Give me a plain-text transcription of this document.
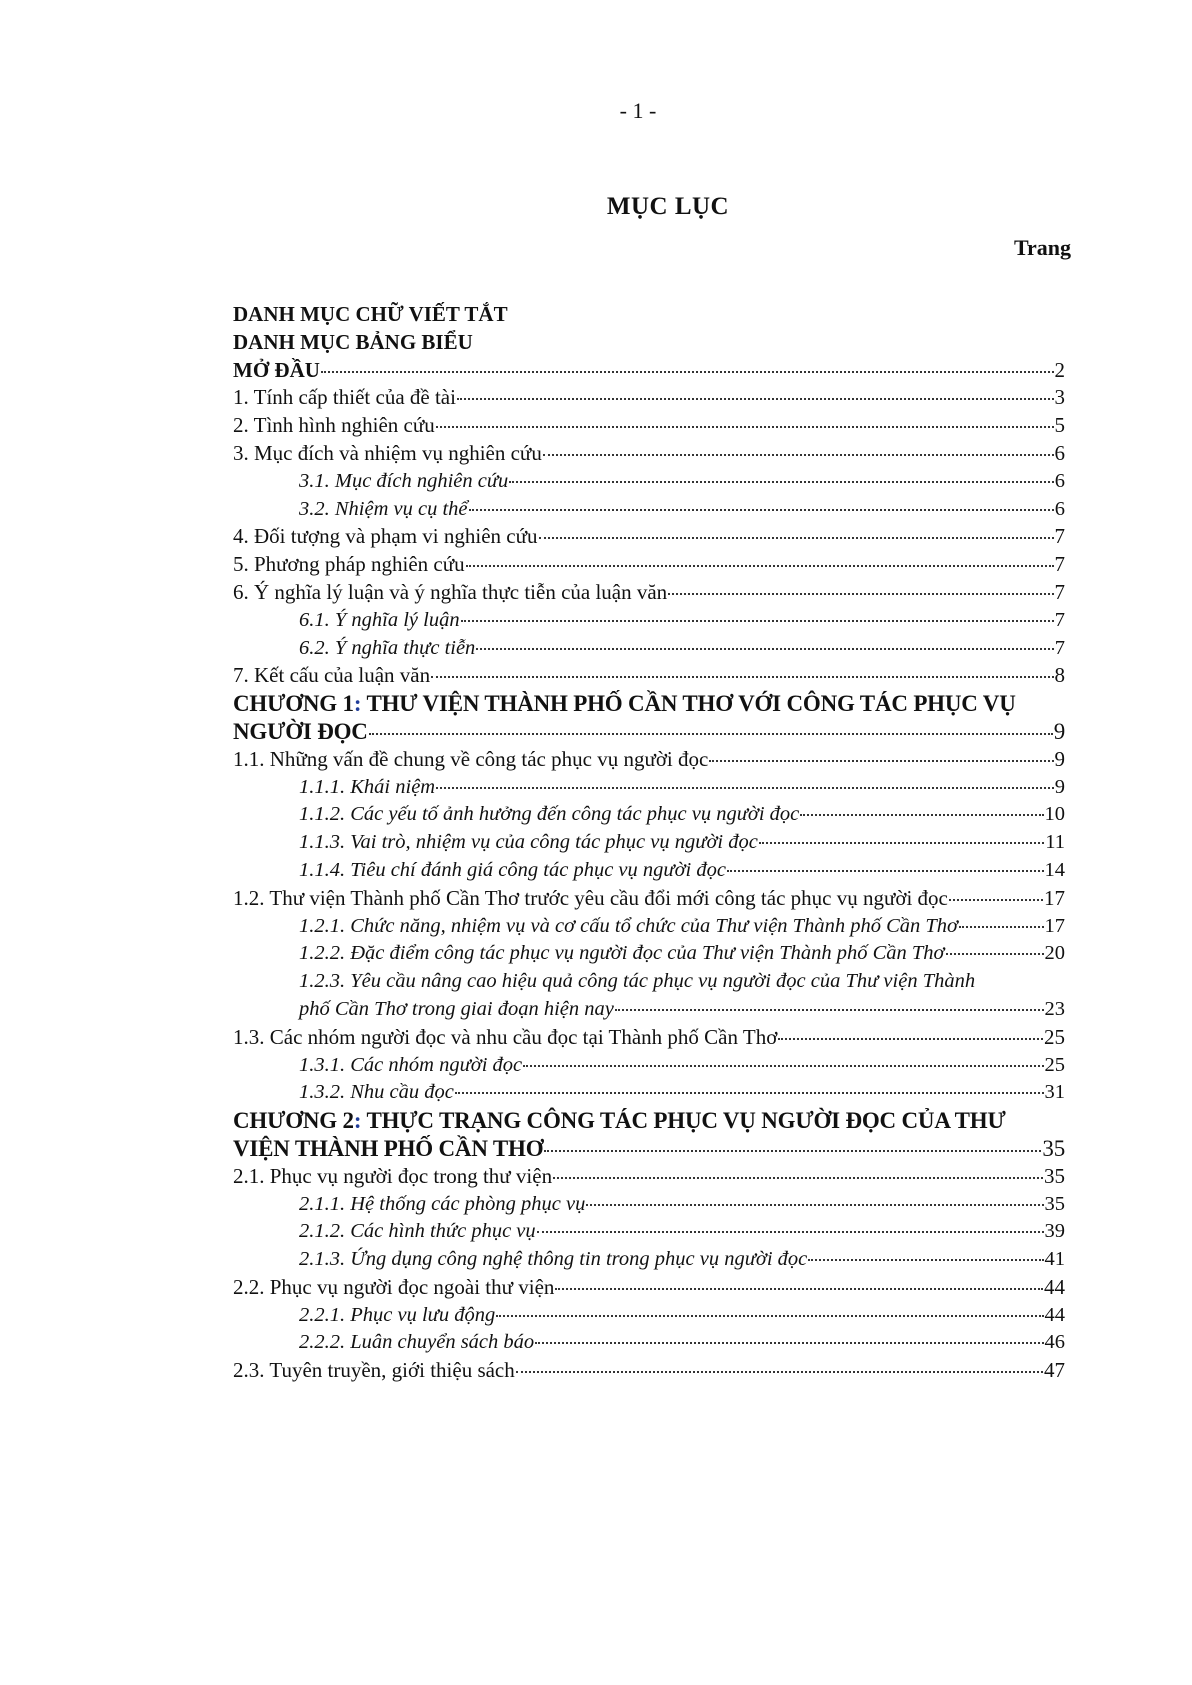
- 1 -
MỤC LỤC
Trang
DANH MỤC CHỮ VIẾT TẮT
DANH MỤC BẢNG BIỂU
MỞ ĐẦU	2
1. Tính cấp thiết của đề tài	3
2. Tình hình nghiên cứu	5
3. Mục đích và nhiệm vụ nghiên cứu	6
3.1. Mục đích nghiên cứu	6
3.2. Nhiệm vụ cụ thể	6
4. Đối tượng và phạm vi nghiên cứu	7
5. Phương pháp nghiên cứu	7
6. Ý nghĩa lý luận và ý nghĩa thực tiễn của luận văn	7
6.1. Ý nghĩa lý luận	7
6.2. Ý nghĩa thực tiễn	7
7. Kết cấu của luận văn	8
CHƯƠNG 1: THƯ VIỆN THÀNH PHỐ CẦN THƠ VỚI CÔNG TÁC PHỤC VỤ
NGƯỜI ĐỌC	9
1.1. Những vấn đề chung về công tác phục vụ người đọc	9
1.1.1. Khái niệm	9
1.1.2. Các yếu tố ảnh hưởng đến công tác phục vụ người đọc	10
1.1.3. Vai trò, nhiệm vụ của công tác phục vụ người đọc	11
1.1.4. Tiêu chí đánh giá công tác phục vụ người đọc	14
1.2. Thư viện Thành phố Cần Thơ trước yêu cầu đổi mới công tác phục vụ người đọc	17
1.2.1. Chức năng, nhiệm vụ và cơ cấu tổ chức của Thư viện Thành phố Cần Thơ	17
1.2.2. Đặc điểm công tác phục vụ người đọc của Thư viện Thành phố Cần Thơ	20
1.2.3. Yêu cầu nâng cao hiệu quả công tác phục vụ người đọc của Thư viện Thành
phố Cần Thơ trong giai đoạn hiện nay	23
1.3. Các nhóm người đọc và nhu cầu đọc tại Thành phố Cần Thơ	25
1.3.1. Các nhóm người đọc	25
1.3.2. Nhu cầu đọc	31
CHƯƠNG 2: THỰC TRẠNG CÔNG TÁC PHỤC VỤ NGƯỜI ĐỌC CỦA THƯ
VIỆN THÀNH PHỐ CẦN THƠ	35
2.1. Phục vụ người đọc trong thư viện	35
2.1.1. Hệ thống các phòng phục vụ	35
2.1.2. Các hình thức phục vụ	39
2.1.3. Ứng dụng công nghệ thông tin trong phục vụ người đọc	41
2.2. Phục vụ người đọc ngoài thư viện	44
2.2.1. Phục vụ lưu động	44
2.2.2. Luân chuyển sách báo	46
2.3. Tuyên truyền, giới thiệu sách	47
